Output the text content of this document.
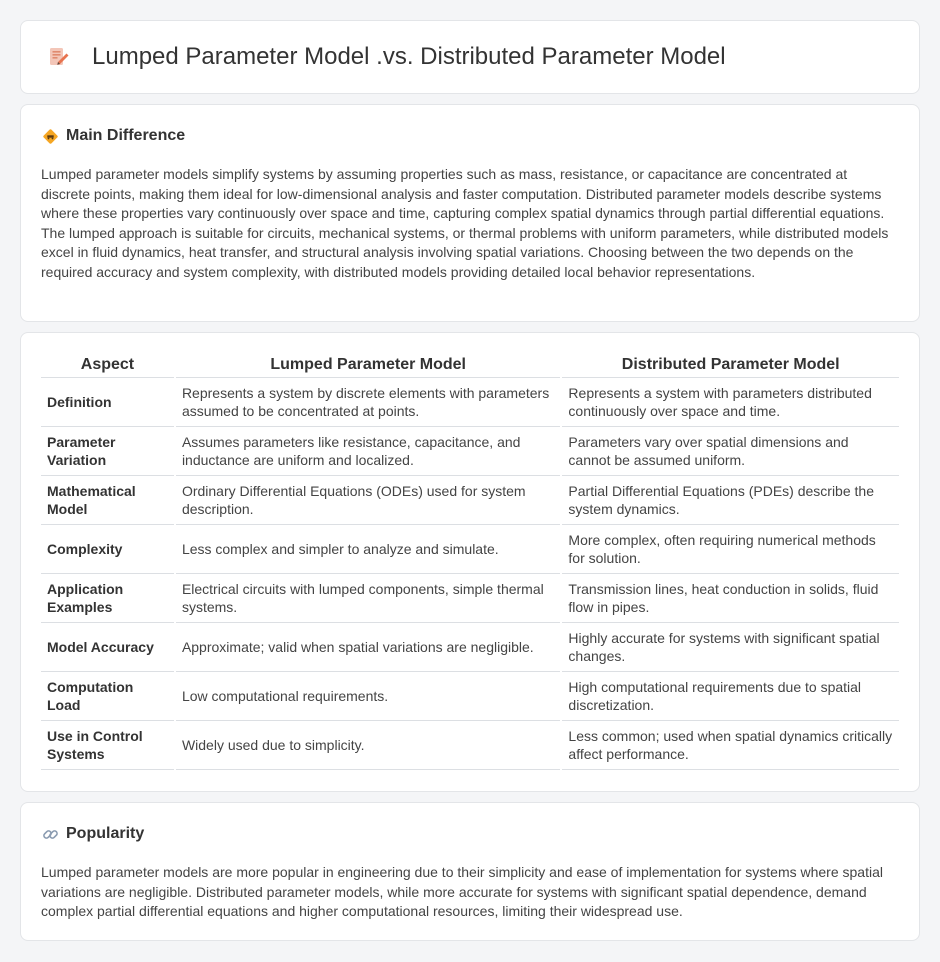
Lumped Parameter Model .vs. Distributed Parameter Model
Main Difference

Lumped parameter models simplify systems by assuming properties such as mass, resistance, or capacitance are concentrated at discrete points, making them ideal for low-dimensional analysis and faster computation. Distributed parameter models describe systems where these properties vary continuously over space and time, capturing complex spatial dynamics through partial differential equations. The lumped approach is suitable for circuits, mechanical systems, or thermal problems with uniform parameters, while distributed models excel in fluid dynamics, heat transfer, and structural analysis involving spatial variations. Choosing between the two depends on the required accuracy and system complexity, with distributed models providing detailed local behavior representations.

Aspect	Lumped Parameter Model	Distributed Parameter Model
Definition	Represents a system by discrete elements with parameters assumed to be concentrated at points.	Represents a system with parameters distributed continuously over space and time.
Parameter Variation	Assumes parameters like resistance, capacitance, and inductance are uniform and localized.	Parameters vary over spatial dimensions and cannot be assumed uniform.
Mathematical Model	Ordinary Differential Equations (ODEs) used for system description.	Partial Differential Equations (PDEs) describe the system dynamics.
Complexity	Less complex and simpler to analyze and simulate.	More complex, often requiring numerical methods for solution.
Application Examples	Electrical circuits with lumped components, simple thermal systems.	Transmission lines, heat conduction in solids, fluid flow in pipes.
Model Accuracy	Approximate; valid when spatial variations are negligible.	Highly accurate for systems with significant spatial changes.
Computation Load	Low computational requirements.	High computational requirements due to spatial discretization.
Use in Control Systems	Widely used due to simplicity.	Less common; used when spatial dynamics critically affect performance.
Popularity

Lumped parameter models are more popular in engineering due to their simplicity and ease of implementation for systems where spatial variations are negligible. Distributed parameter models, while more accurate for systems with significant spatial dependence, demand complex partial differential equations and higher computational resources, limiting their widespread use.
